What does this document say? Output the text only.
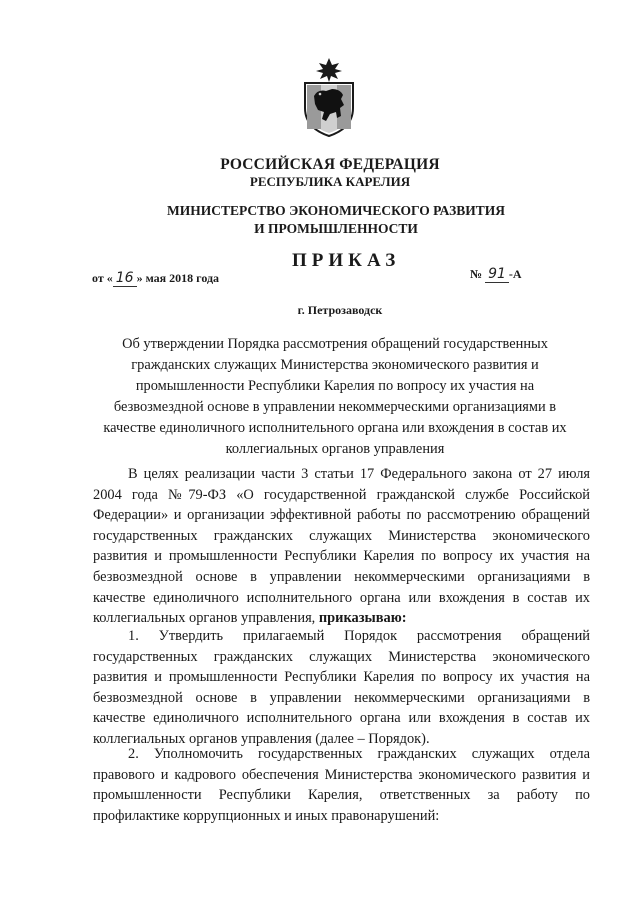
РОССИЙСКАЯ ФЕДЕРАЦИЯ
РЕСПУБЛИКА КАРЕЛИЯ
МИНИСТЕРСТВО ЭКОНОМИЧЕСКОГО РАЗВИТИЯ
И ПРОМЫШЛЕННОСТИ
ПРИКАЗ
от « 16 » мая 2018 года	№ 91 -А
г. Петрозаводск
Об утверждении Порядка рассмотрения обращений государственных гражданских служащих Министерства экономического развития и промышленности Республики Карелия по вопросу их участия на безвозмездной основе в управлении некоммерческими организациями в качестве единоличного исполнительного органа или вхождения в состав их коллегиальных органов управления

В целях реализации части 3 статьи 17 Федерального закона от 27 июля 2004 года №79-ФЗ «О государственной гражданской службе Российской Федерации» и организации эффективной работы по рассмотрению обращений государственных гражданских служащих Министерства экономического развития и промышленности Республики Карелия по вопросу их участия на безвозмездной основе в управлении некоммерческими организациями в качестве единоличного исполнительного органа или вхождения в состав их коллегиальных органов управления, приказываю:

1. Утвердить прилагаемый Порядок рассмотрения обращений государственных гражданских служащих Министерства экономического развития и промышленности Республики Карелия по вопросу их участия на безвозмездной основе в управлении некоммерческими организациями в качестве единоличного исполнительного органа или вхождения в состав их коллегиальных органов управления (далее – Порядок).

2. Уполномочить государственных гражданских служащих отдела правового и кадрового обеспечения Министерства экономического развития и промышленности Республики Карелия, ответственных за работу по профилактике коррупционных и иных правонарушений:
